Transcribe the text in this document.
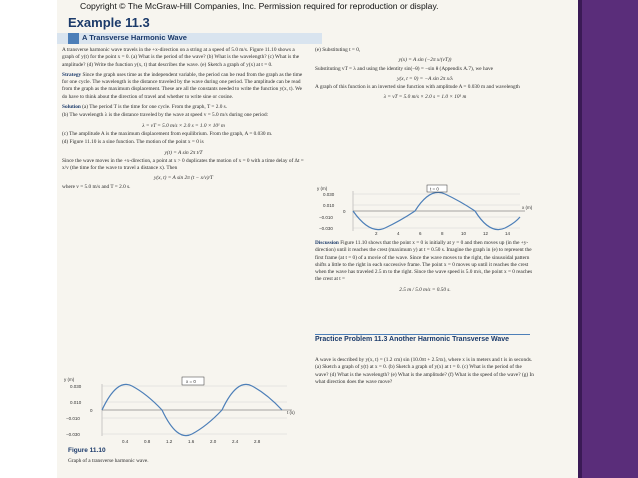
Copyright © The McGraw-Hill Companies, Inc. Permission required for reproduction or display.
Example 11.3
A Transverse Harmonic Wave

A transverse harmonic wave travels in the +x-direction on a string at a speed of 5.0 m/s. Figure 11.10 shows a graph of y(t) for the point x = 0. (a) What is the period of the wave? (b) What is the wavelength? (c) What is the amplitude? (d) Write the function y(x, t) that describes the wave. (e) Sketch a graph of y(x) at t = 0.

Strategy Since the graph uses time as the independent variable, the period can be read from the graph as the time for one cycle. The wavelength is the distance traveled by the wave during one period. The amplitude can be read from the graph as the maximum displacement. These are all the constants needed to write the function y(x, t). We do have to think about the direction of travel and whether to write sine or cosine.

Solution (a) The period T is the time for one cycle. From the graph, T = 2.0 s.

(b) The wavelength λ is the distance traveled by the wave at speed v = 5.0 m/s during one period:

λ = vT = 5.0 m/s × 2.0 s = 1.0 × 10¹ m

(c) The amplitude A is the maximum displacement from equilibrium. From the graph, A = 0.030 m.

(d) Figure 11.10 is a sine function. The motion of the point x = 0 is

y(t) = A sin 2π t/T

Since the wave moves in the +x-direction, a point at x > 0 duplicates the motion of x = 0 with a time delay of Δt = x/v (the time for the wave to travel a distance x). Then

y(x, t) = A sin 2π (t − x/v)/T

where v = 5.0 m/s and T = 2.0 s.

y (m)
0.030
0.010
0
−0.010
−0.030
x = 0
t (s)
0.4	0.8	1.2	1.6	2.0	2.4	2.8
Figure 11.10
Graph of a transverse harmonic wave.

(e) Substituting t = 0,

y(x) = A sin (−2π x/(vT))

Substituting vT = λ and using the identity sin(−θ) = −sin θ (Appendix A.7), we have

y(x, t = 0) = −A sin 2π x/λ

A graph of this function is an inverted sine function with amplitude A = 0.030 m and wavelength

λ = vT = 5.0 m/s × 2.0 s = 1.0 × 10¹ m

y (m)
0.030
0.010
0
−0.010
−0.030
t = 0
x (m)
2	4	6	8	10	12	14

Discussion Figure 11.10 shows that the point x = 0 is initially at y = 0 and then moves up (in the +y-direction) until it reaches the crest (maximum y) at t = 0.50 s. Imagine the graph in (e) to represent the first frame (at t = 0) of a movie of the wave. Since the wave moves to the right, the sinusoidal pattern shifts a little to the right in each successive frame. The point x = 0 moves up until it reaches the crest when the wave has traveled 2.5 m to the right. Since the wave speed is 5.0 m/s, the point x = 0 reaches the crest at t =

2.5 m / 5.0 m/s = 0.50 s.

Practice Problem 11.3 Another Harmonic Transverse Wave
A wave is described by y(x, t) = (1.2 cm) sin (10.0πt + 2.5πx), where x is in meters and t is in seconds. (a) Sketch a graph of y(t) at x = 0. (b) Sketch a graph of y(x) at t = 0. (c) What is the period of the wave? (d) What is the wavelength? (e) What is the amplitude? (f) What is the speed of the wave? (g) In what direction does the wave move?
